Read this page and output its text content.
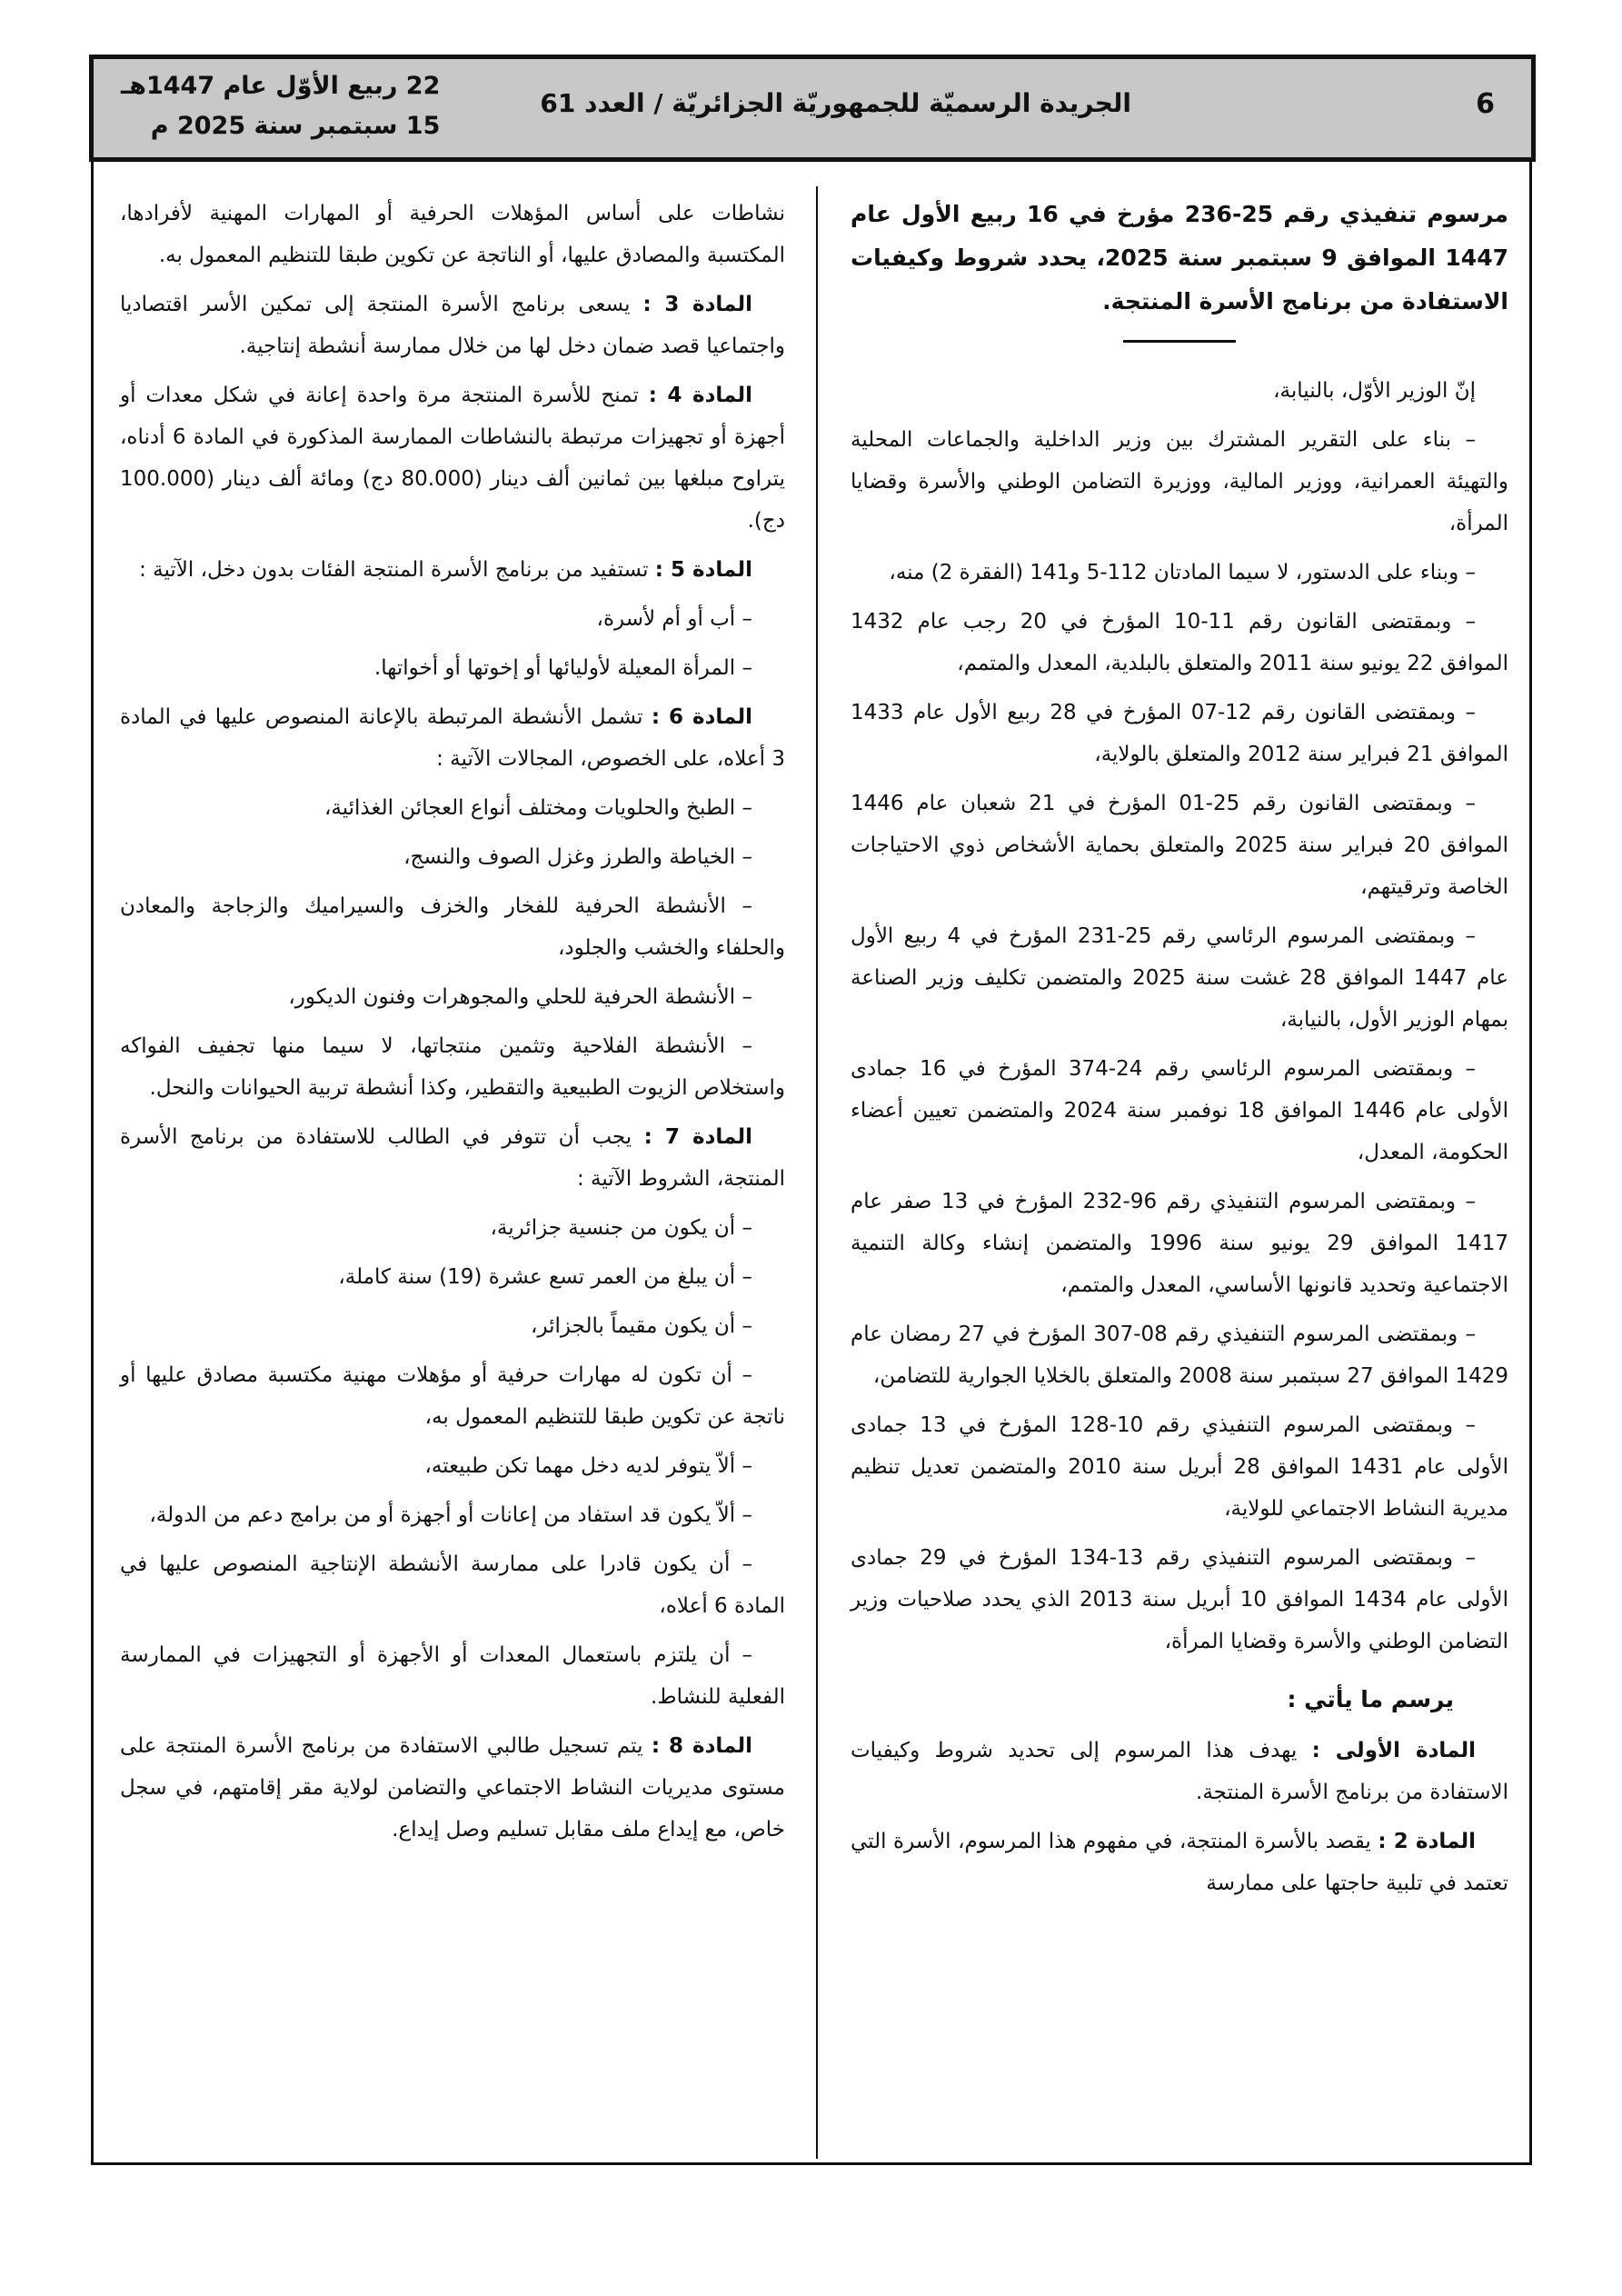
6
الجريدة الرسميّة للجمهوريّة الجزائريّة / العدد 61
22 ربيع الأوّل عام 1447هـ
15 سبتمبر سنة 2025 م
مرسوم تنفيذي رقم 25-236 مؤرخ في 16 ربيع الأول عام 1447 الموافق 9 سبتمبر سنة 2025، يحدد شروط وكيفيات الاستفادة من برنامج الأسرة المنتجة.

إنّ الوزير الأوّل، بالنيابة،

– بناء على التقرير المشترك بين وزير الداخلية والجماعات المحلية والتهيئة العمرانية، ووزير المالية، ووزيرة التضامن الوطني والأسرة وقضايا المرأة،

– وبناء على الدستور، لا سيما المادتان 112-5 و141 (الفقرة 2) منه،

– وبمقتضى القانون رقم 11-10 المؤرخ في 20 رجب عام 1432 الموافق 22 يونيو سنة 2011 والمتعلق بالبلدية، المعدل والمتمم،

– وبمقتضى القانون رقم 12-07 المؤرخ في 28 ربيع الأول عام 1433 الموافق 21 فبراير سنة 2012 والمتعلق بالولاية،

– وبمقتضى القانون رقم 25-01 المؤرخ في 21 شعبان عام 1446 الموافق 20 فبراير سنة 2025 والمتعلق بحماية الأشخاص ذوي الاحتياجات الخاصة وترقيتهم،

– وبمقتضى المرسوم الرئاسي رقم 25-231 المؤرخ في 4 ربيع الأول عام 1447 الموافق 28 غشت سنة 2025 والمتضمن تكليف وزير الصناعة بمهام الوزير الأول، بالنيابة،

– وبمقتضى المرسوم الرئاسي رقم 24-374 المؤرخ في 16 جمادى الأولى عام 1446 الموافق 18 نوفمبر سنة 2024 والمتضمن تعيين أعضاء الحكومة، المعدل،

– وبمقتضى المرسوم التنفيذي رقم 96-232 المؤرخ في 13 صفر عام 1417 الموافق 29 يونيو سنة 1996 والمتضمن إنشاء وكالة التنمية الاجتماعية وتحديد قانونها الأساسي، المعدل والمتمم،

– وبمقتضى المرسوم التنفيذي رقم 08-307 المؤرخ في 27 رمضان عام 1429 الموافق 27 سبتمبر سنة 2008 والمتعلق بالخلايا الجوارية للتضامن،

– وبمقتضى المرسوم التنفيذي رقم 10-128 المؤرخ في 13 جمادى الأولى عام 1431 الموافق 28 أبريل سنة 2010 والمتضمن تعديل تنظيم مديرية النشاط الاجتماعي للولاية،

– وبمقتضى المرسوم التنفيذي رقم 13-134 المؤرخ في 29 جمادى الأولى عام 1434 الموافق 10 أبريل سنة 2013 الذي يحدد صلاحيات وزير التضامن الوطني والأسرة وقضايا المرأة،

يرسم ما يأتي :

المادة الأولى : يهدف هذا المرسوم إلى تحديد شروط وكيفيات الاستفادة من برنامج الأسرة المنتجة.

المادة 2 : يقصد بالأسرة المنتجة، في مفهوم هذا المرسوم، الأسرة التي تعتمد في تلبية حاجتها على ممارسة

نشاطات على أساس المؤهلات الحرفية أو المهارات المهنية لأفرادها، المكتسبة والمصادق عليها، أو الناتجة عن تكوين طبقا للتنظيم المعمول به.

المادة 3 : يسعى برنامج الأسرة المنتجة إلى تمكين الأسر اقتصاديا واجتماعيا قصد ضمان دخل لها من خلال ممارسة أنشطة إنتاجية.

المادة 4 : تمنح للأسرة المنتجة مرة واحدة إعانة في شكل معدات أو أجهزة أو تجهيزات مرتبطة بالنشاطات الممارسة المذكورة في المادة 6 أدناه، يتراوح مبلغها بين ثمانين ألف دينار (80.000 دج) ومائة ألف دينار (100.000 دج).

المادة 5 : تستفيد من برنامج الأسرة المنتجة الفئات بدون دخل، الآتية :

– أب أو أم لأسرة،

– المرأة المعيلة لأوليائها أو إخوتها أو أخواتها.

المادة 6 : تشمل الأنشطة المرتبطة بالإعانة المنصوص عليها في المادة 3 أعلاه، على الخصوص، المجالات الآتية :

– الطبخ والحلويات ومختلف أنواع العجائن الغذائية،

– الخياطة والطرز وغزل الصوف والنسج،

– الأنشطة الحرفية للفخار والخزف والسيراميك والزجاجة والمعادن والحلفاء والخشب والجلود،

– الأنشطة الحرفية للحلي والمجوهرات وفنون الديكور،

– الأنشطة الفلاحية وتثمين منتجاتها، لا سيما منها تجفيف الفواكه واستخلاص الزيوت الطبيعية والتقطير، وكذا أنشطة تربية الحيوانات والنحل.

المادة 7 : يجب أن تتوفر في الطالب للاستفادة من برنامج الأسرة المنتجة، الشروط الآتية :

– أن يكون من جنسية جزائرية،

– أن يبلغ من العمر تسع عشرة (19) سنة كاملة،

– أن يكون مقيماً بالجزائر،

– أن تكون له مهارات حرفية أو مؤهلات مهنية مكتسبة مصادق عليها أو ناتجة عن تكوين طبقا للتنظيم المعمول به،

– ألاّ يتوفر لديه دخل مهما تكن طبيعته،

– ألاّ يكون قد استفاد من إعانات أو أجهزة أو من برامج دعم من الدولة،

– أن يكون قادرا على ممارسة الأنشطة الإنتاجية المنصوص عليها في المادة 6 أعلاه،

– أن يلتزم باستعمال المعدات أو الأجهزة أو التجهيزات في الممارسة الفعلية للنشاط.

المادة 8 : يتم تسجيل طالبي الاستفادة من برنامج الأسرة المنتجة على مستوى مديريات النشاط الاجتماعي والتضامن لولاية مقر إقامتهم، في سجل خاص، مع إيداع ملف مقابل تسليم وصل إيداع.
